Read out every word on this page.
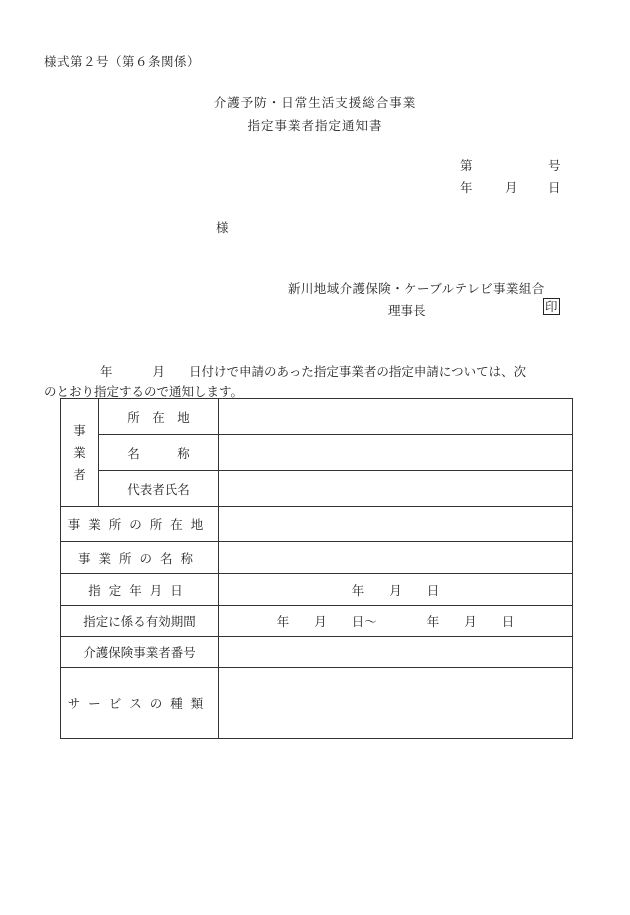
様式第２号（第６条関係）
介護予防・日常生活支援総合事業
指定事業者指定通知書
第	号
年	月 日
様
新川地域介護保険・ケーブルテレビ事業組合
理事長	印
年	月 日付けで申請のあった指定事業者の指定申請については、次
のとおり指定するので通知します。
事
業
者	所　在　地	
	名　　　称	
	代表者氏名	
事業所の所在地		
事業所の名称		
指定年月日		年　　月　　日
指定に係る有効期間		年　　月　　日～　　　　年　　月　　日
介護保険事業者番号		
サービスの種類		
